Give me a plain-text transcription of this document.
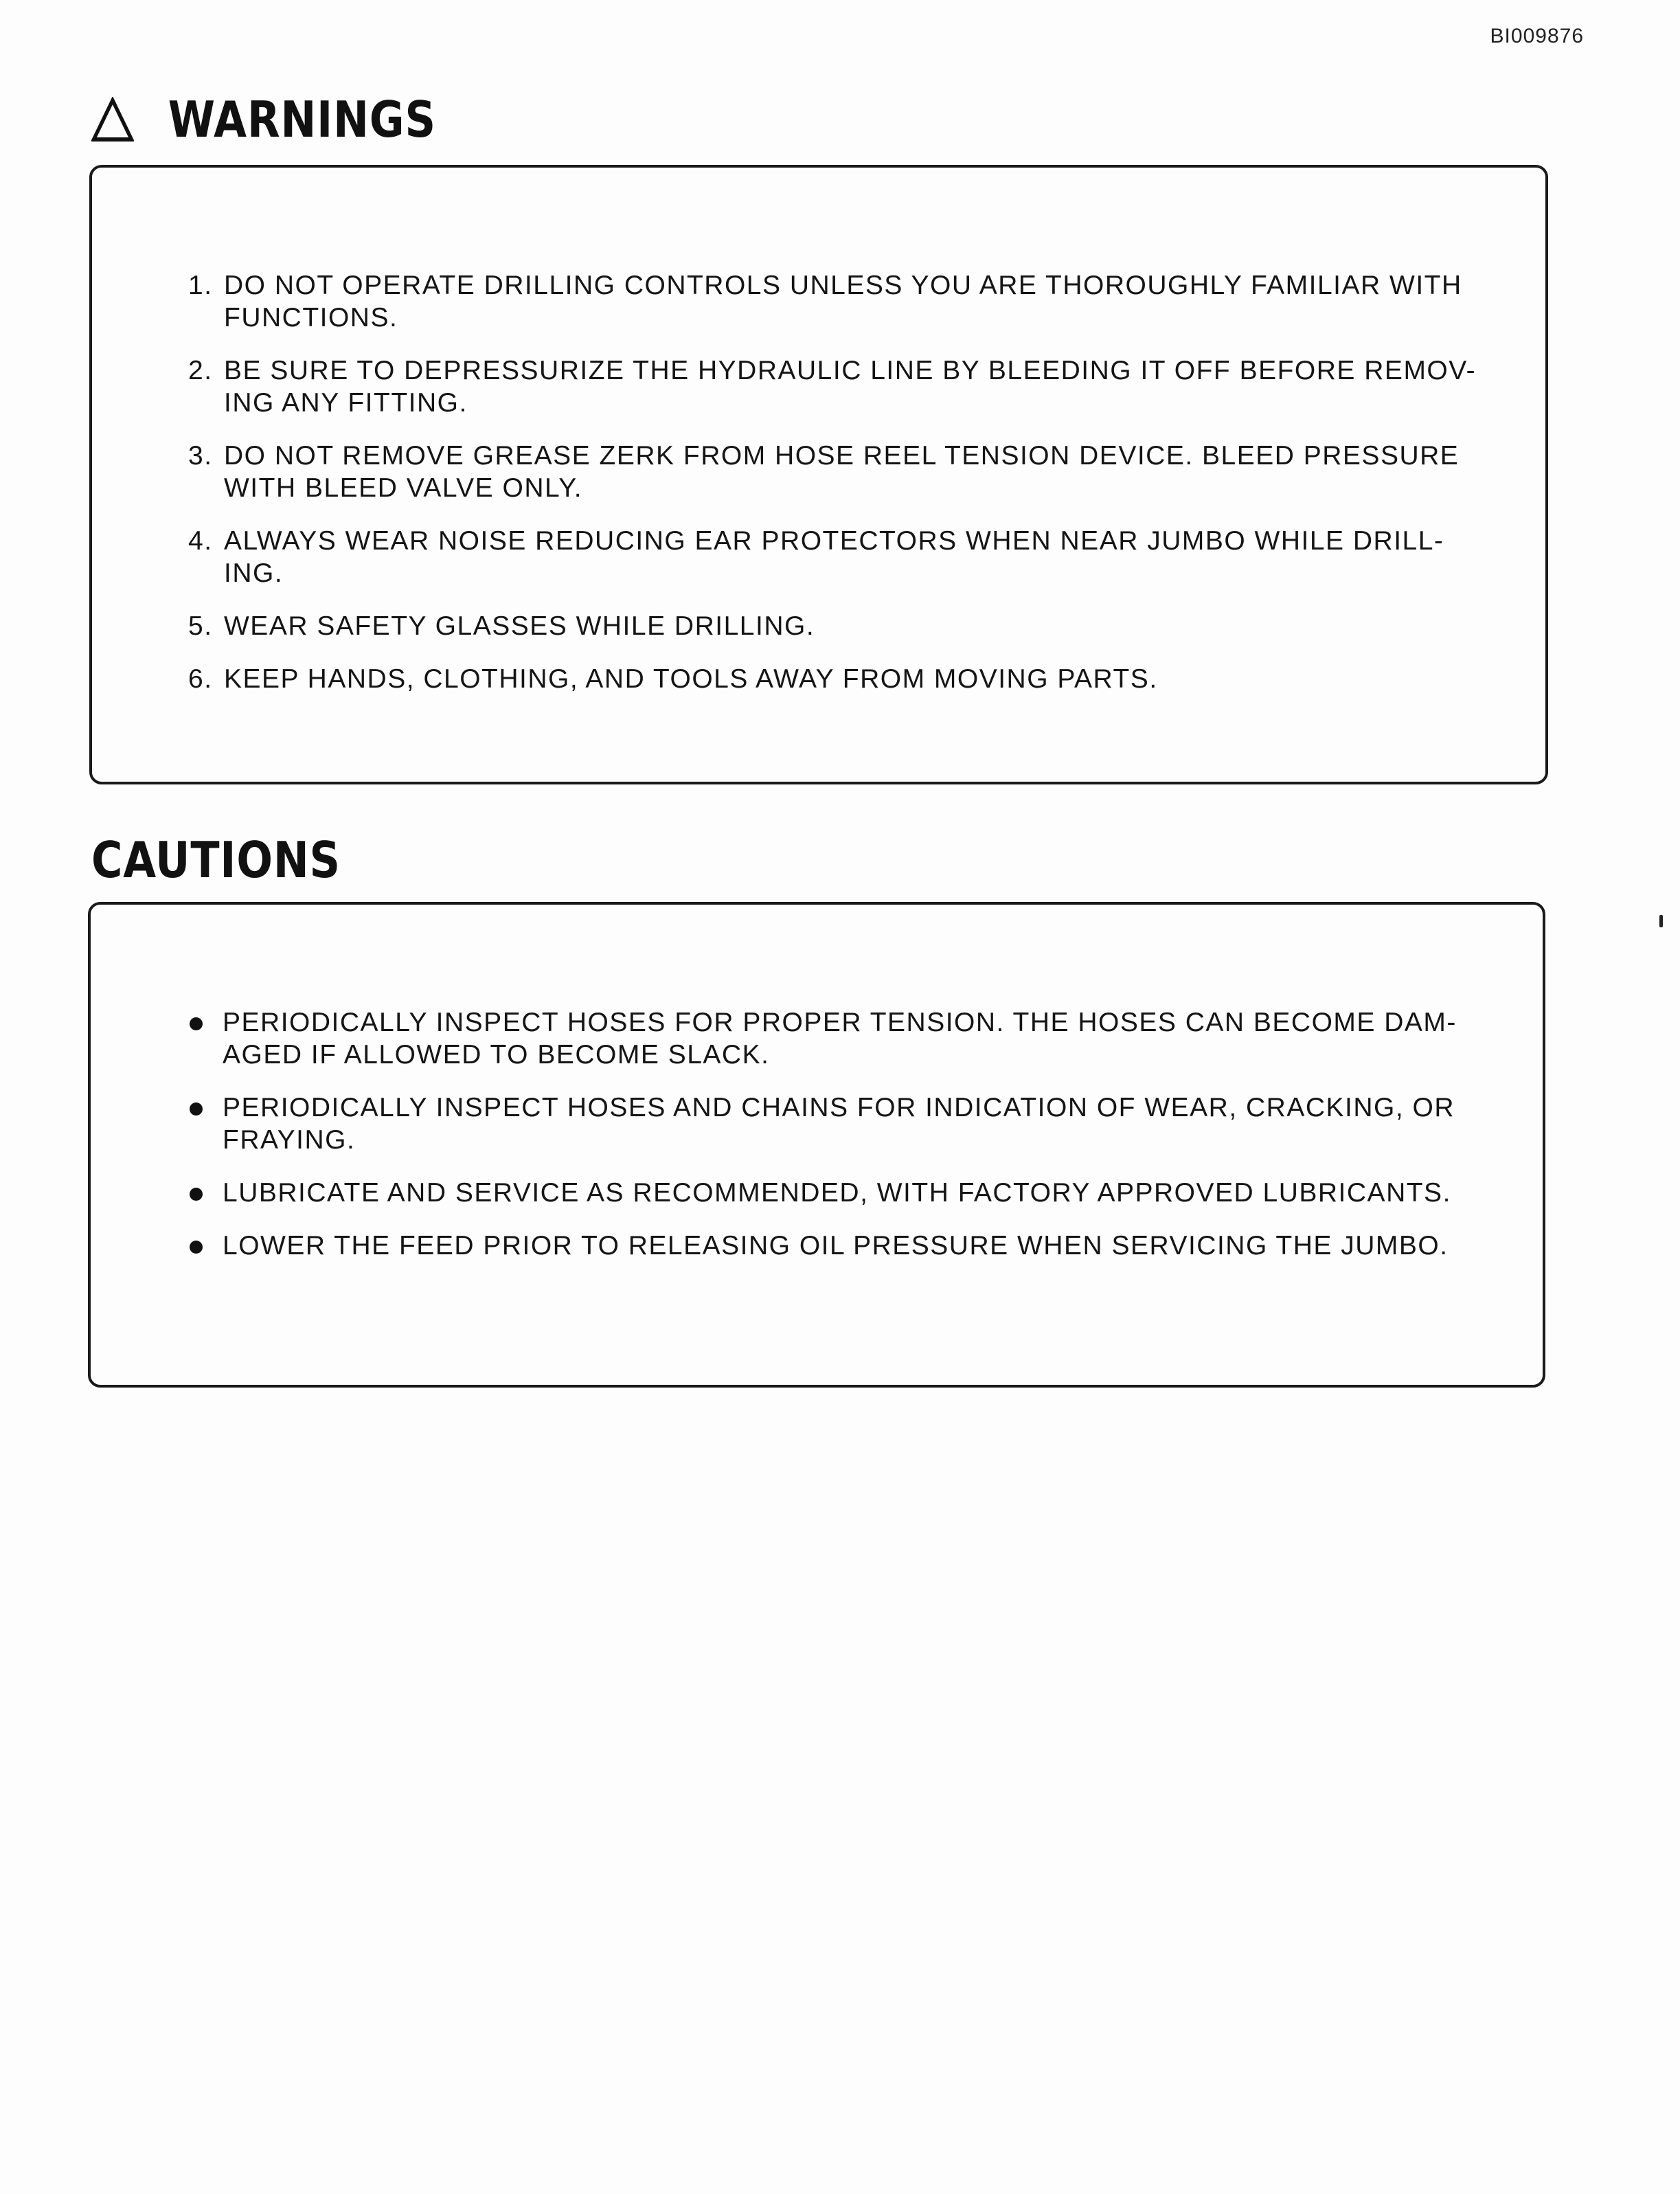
BI009876
WARNINGS
1. DO NOT OPERATE DRILLING CONTROLS UNLESS YOU ARE THOROUGHLY FAMILIAR WITH FUNCTIONS.
2. BE SURE TO DEPRESSURIZE THE HYDRAULIC LINE BY BLEEDING IT OFF BEFORE REMOV-ING ANY FITTING.
3. DO NOT REMOVE GREASE ZERK FROM HOSE REEL TENSION DEVICE. BLEED PRESSURE WITH BLEED VALVE ONLY.
4. ALWAYS WEAR NOISE REDUCING EAR PROTECTORS WHEN NEAR JUMBO WHILE DRILL-ING.
5. WEAR SAFETY GLASSES WHILE DRILLING.
6. KEEP HANDS, CLOTHING, AND TOOLS AWAY FROM MOVING PARTS.
CAUTIONS
PERIODICALLY INSPECT HOSES FOR PROPER TENSION. THE HOSES CAN BECOME DAM-AGED IF ALLOWED TO BECOME SLACK.
PERIODICALLY INSPECT HOSES AND CHAINS FOR INDICATION OF WEAR, CRACKING, OR FRAYING.
LUBRICATE AND SERVICE AS RECOMMENDED, WITH FACTORY APPROVED LUBRICANTS.
LOWER THE FEED PRIOR TO RELEASING OIL PRESSURE WHEN SERVICING THE JUMBO.
